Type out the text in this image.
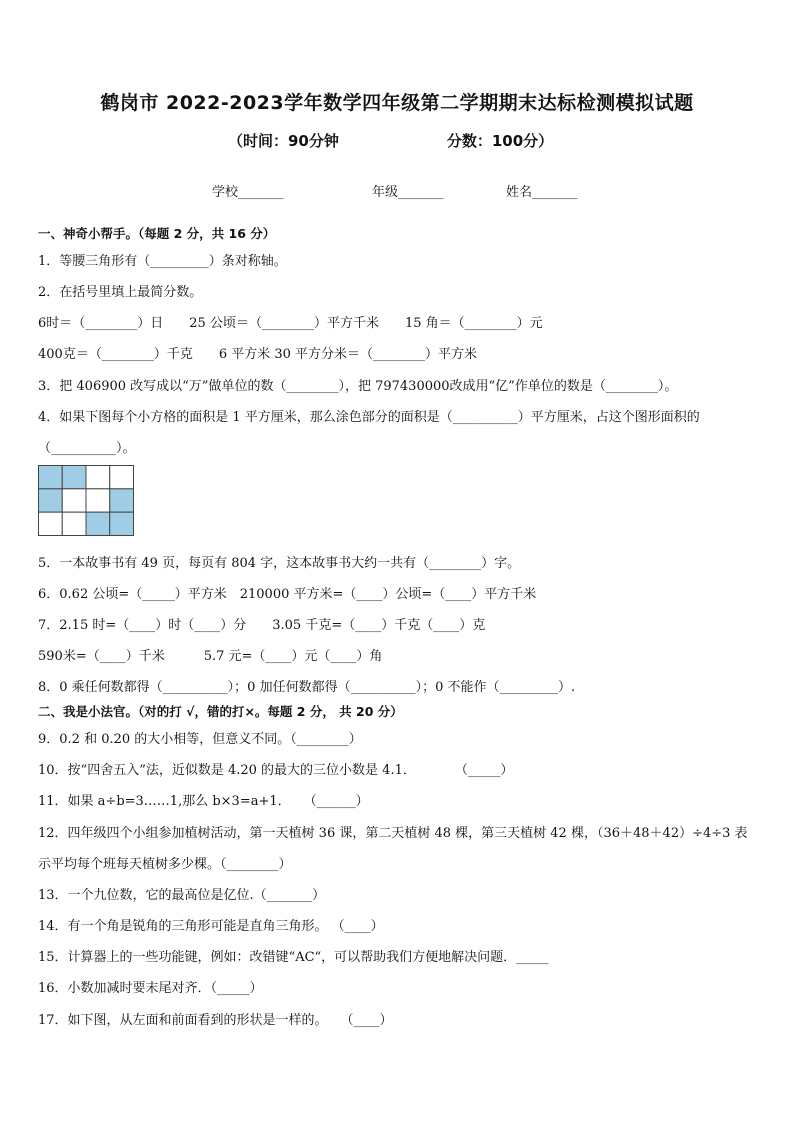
鹤岗市 2022-2023学年数学四年级第二学期期末达标检测模拟试题
（时间：90分钟	分数：100分）
学校_______	年级_______	姓名_______
一、神奇小帮手。（每题 2 分，共 16 分）
1．等腰三角形有（_________）条对称轴。
2．在括号里填上最简分数。
6时＝（________）日　　25 公顷＝（________）平方千米　　15 角＝（________）元
400克＝（________）千克　　6 平方米 30 平方分米＝（________）平方米
3．把 406900 改写成以“万”做单位的数（________），把 797430000改成用“亿”作单位的数是（________）。
4．如果下图每个小方格的面积是 1 平方厘米，那么涂色部分的面积是（__________）平方厘米，占这个图形面积的
（__________）。
5．一本故事书有 49 页，每页有 804 字，这本故事书大约一共有（________）字。
6．0.62 公顷=（_____）平方米　210000 平方米=（____）公顷=（____）平方千米
7．2.15 时=（____）时（____）分　　3.05 千克=（____）千克（____）克
590米=（____）千米　　　5.7 元=（____）元（____）角
8．0 乘任何数都得（__________）；0 加任何数都得（__________）；0 不能作（_________）.
二、我是小法官。（对的打 √，错的打×。每题 2 分， 共 20 分）
9．0.2 和 0.20 的大小相等，但意义不同。（________）
10．按“四舍五入”法，近似数是 4.20 的最大的三位小数是 4.1．　　　　（_____）
11．如果 a÷b=3……1,那么 b×3=a+1．　　（______）
12．四年级四个小组参加植树活动，第一天植树 36 课，第二天植树 48 棵，第三天植树 42 棵，（36＋48＋42）÷4÷3 表
示平均每个班每天植树多少棵。（________）
13．一个九位数，它的最高位是亿位.（_______）
14．有一个角是锐角的三角形可能是直角三角形。 （____）
15．计算器上的一些功能键，例如：改错键“AC“，可以帮助我们方便地解决问题．_____
16．小数加减时要末尾对齐．（_____）
17．如下图，从左面和前面看到的形状是一样的。　　（____）
